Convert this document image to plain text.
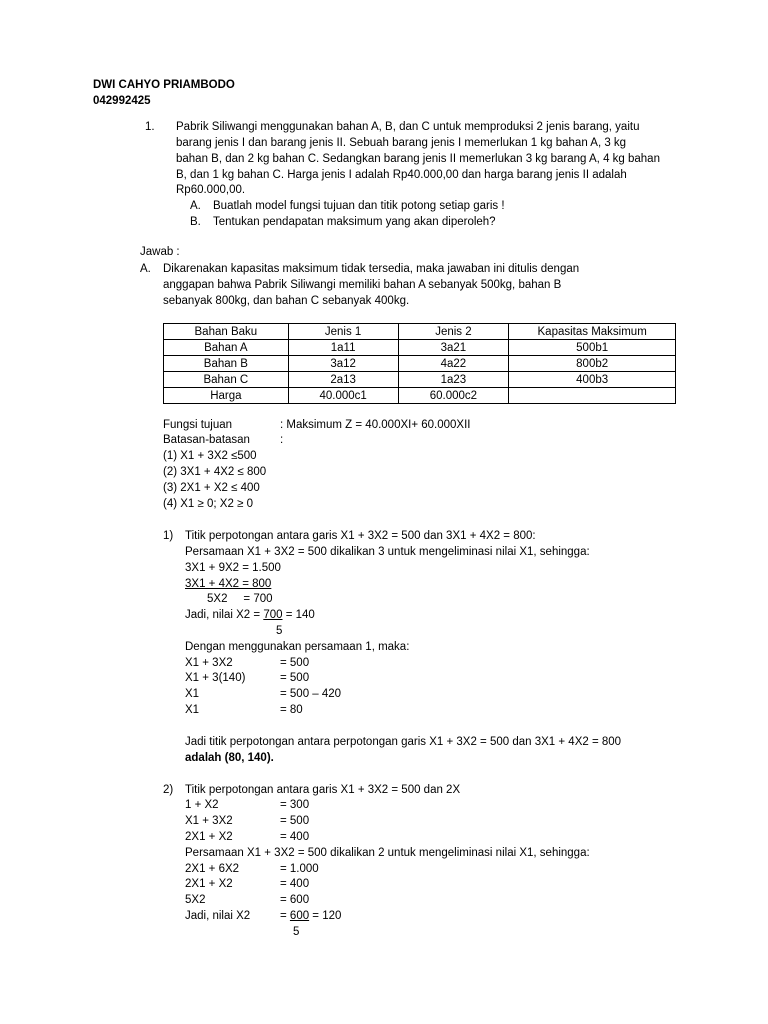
DWI CAHYO PRIAMBODO
042992425
1. Pabrik Siliwangi menggunakan bahan A, B, dan C untuk memproduksi 2 jenis barang, yaitu
barang jenis I dan barang jenis II. Sebuah barang jenis I memerlukan 1 kg bahan A, 3 kg
bahan B, dan 2 kg bahan C. Sedangkan barang jenis II memerlukan 3 kg barang A, 4 kg bahan
B, dan 1 kg bahan C. Harga jenis I adalah Rp40.000,00 dan harga barang jenis II adalah
Rp60.000,00.
A. Buatlah model fungsi tujuan dan titik potong setiap garis !
B. Tentukan pendapatan maksimum yang akan diperoleh?
Jawab :
A. Dikarenakan kapasitas maksimum tidak tersedia, maka jawaban ini ditulis dengan
anggapan bahwa Pabrik Siliwangi memiliki bahan A sebanyak 500kg, bahan B
sebanyak 800kg, dan bahan C sebanyak 400kg.
Bahan Baku	Jenis 1	Jenis 2	Kapasitas Maksimum
Bahan A	1a11	3a21	500b1
Bahan B	3a12	4a22	800b2
Bahan C	2a13	1a23	400b3
Harga	40.000c1	60.000c2	
Fungsi tujuan	: Maksimum Z = 40.000XI+ 60.000XII
Batasan-batasan	:
(1) X1 + 3X2 ≤500
(2) 3X1 + 4X2 ≤ 800
(3) 2X1 + X2 ≤ 400
(4) X1 ≥ 0; X2 ≥ 0
1) Titik perpotongan antara garis X1 + 3X2 = 500 dan 3X1 + 4X2 = 800:
Persamaan X1 + 3X2 = 500 dikalikan 3 untuk mengeliminasi nilai X1, sehingga:
3X1 + 9X2 = 1.500
3X1 + 4X2 = 800
5X2     = 700
Jadi, nilai X2 = 700 = 140
5
Dengan menggunakan persamaan 1, maka:
X1 + 3X2	= 500
X1 + 3(140)	= 500
X1	= 500 – 420
X1	= 80
Jadi titik perpotongan antara perpotongan garis X1 + 3X2 = 500 dan 3X1 + 4X2 = 800
adalah (80, 140).
2) Titik perpotongan antara garis X1 + 3X2 = 500 dan 2X
1 + X2	= 300
X1 + 3X2	= 500
2X1 + X2	= 400
Persamaan X1 + 3X2 = 500 dikalikan 2 untuk mengeliminasi nilai X1, sehingga:
2X1 + 6X2	= 1.000
2X1 + X2	= 400
5X2	= 600
Jadi, nilai X2	= 600 = 120
5
